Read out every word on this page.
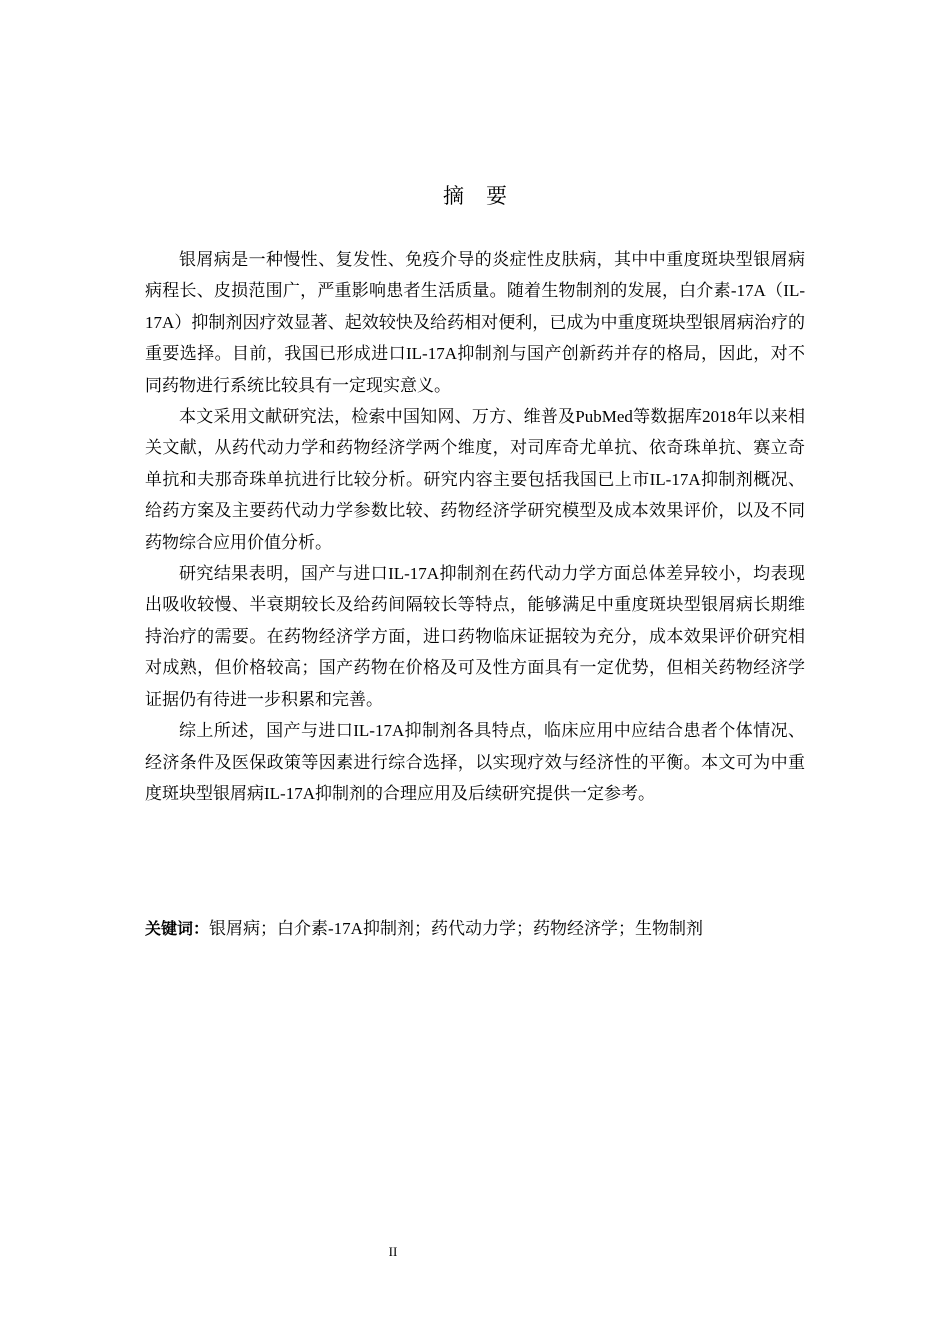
摘要

银屑病是一种慢性、复发性、免疫介导的炎症性皮肤病，其中中重度斑块型银屑病病程长、皮损范围广，严重影响患者生活质量。随着生物制剂的发展，白介素-17A（IL-17A）抑制剂因疗效显著、起效较快及给药相对便利，已成为中重度斑块型银屑病治疗的重要选择。目前，我国已形成进口IL-17A抑制剂与国产创新药并存的格局，因此，对不同药物进行系统比较具有一定现实意义。

本文采用文献研究法，检索中国知网、万方、维普及PubMed等数据库2018年以来相关文献，从药代动力学和药物经济学两个维度，对司库奇尤单抗、依奇珠单抗、赛立奇单抗和夫那奇珠单抗进行比较分析。研究内容主要包括我国已上市IL-17A抑制剂概况、给药方案及主要药代动力学参数比较、药物经济学研究模型及成本效果评价，以及不同药物综合应用价值分析。

研究结果表明，国产与进口IL-17A抑制剂在药代动力学方面总体差异较小，均表现出吸收较慢、半衰期较长及给药间隔较长等特点，能够满足中重度斑块型银屑病长期维持治疗的需要。在药物经济学方面，进口药物临床证据较为充分，成本效果评价研究相对成熟，但价格较高；国产药物在价格及可及性方面具有一定优势，但相关药物经济学证据仍有待进一步积累和完善。

综上所述，国产与进口IL-17A抑制剂各具特点，临床应用中应结合患者个体情况、经济条件及医保政策等因素进行综合选择，以实现疗效与经济性的平衡。本文可为中重度斑块型银屑病IL-17A抑制剂的合理应用及后续研究提供一定参考。

关键词：银屑病；白介素-17A抑制剂；药代动力学；药物经济学；生物制剂
II
